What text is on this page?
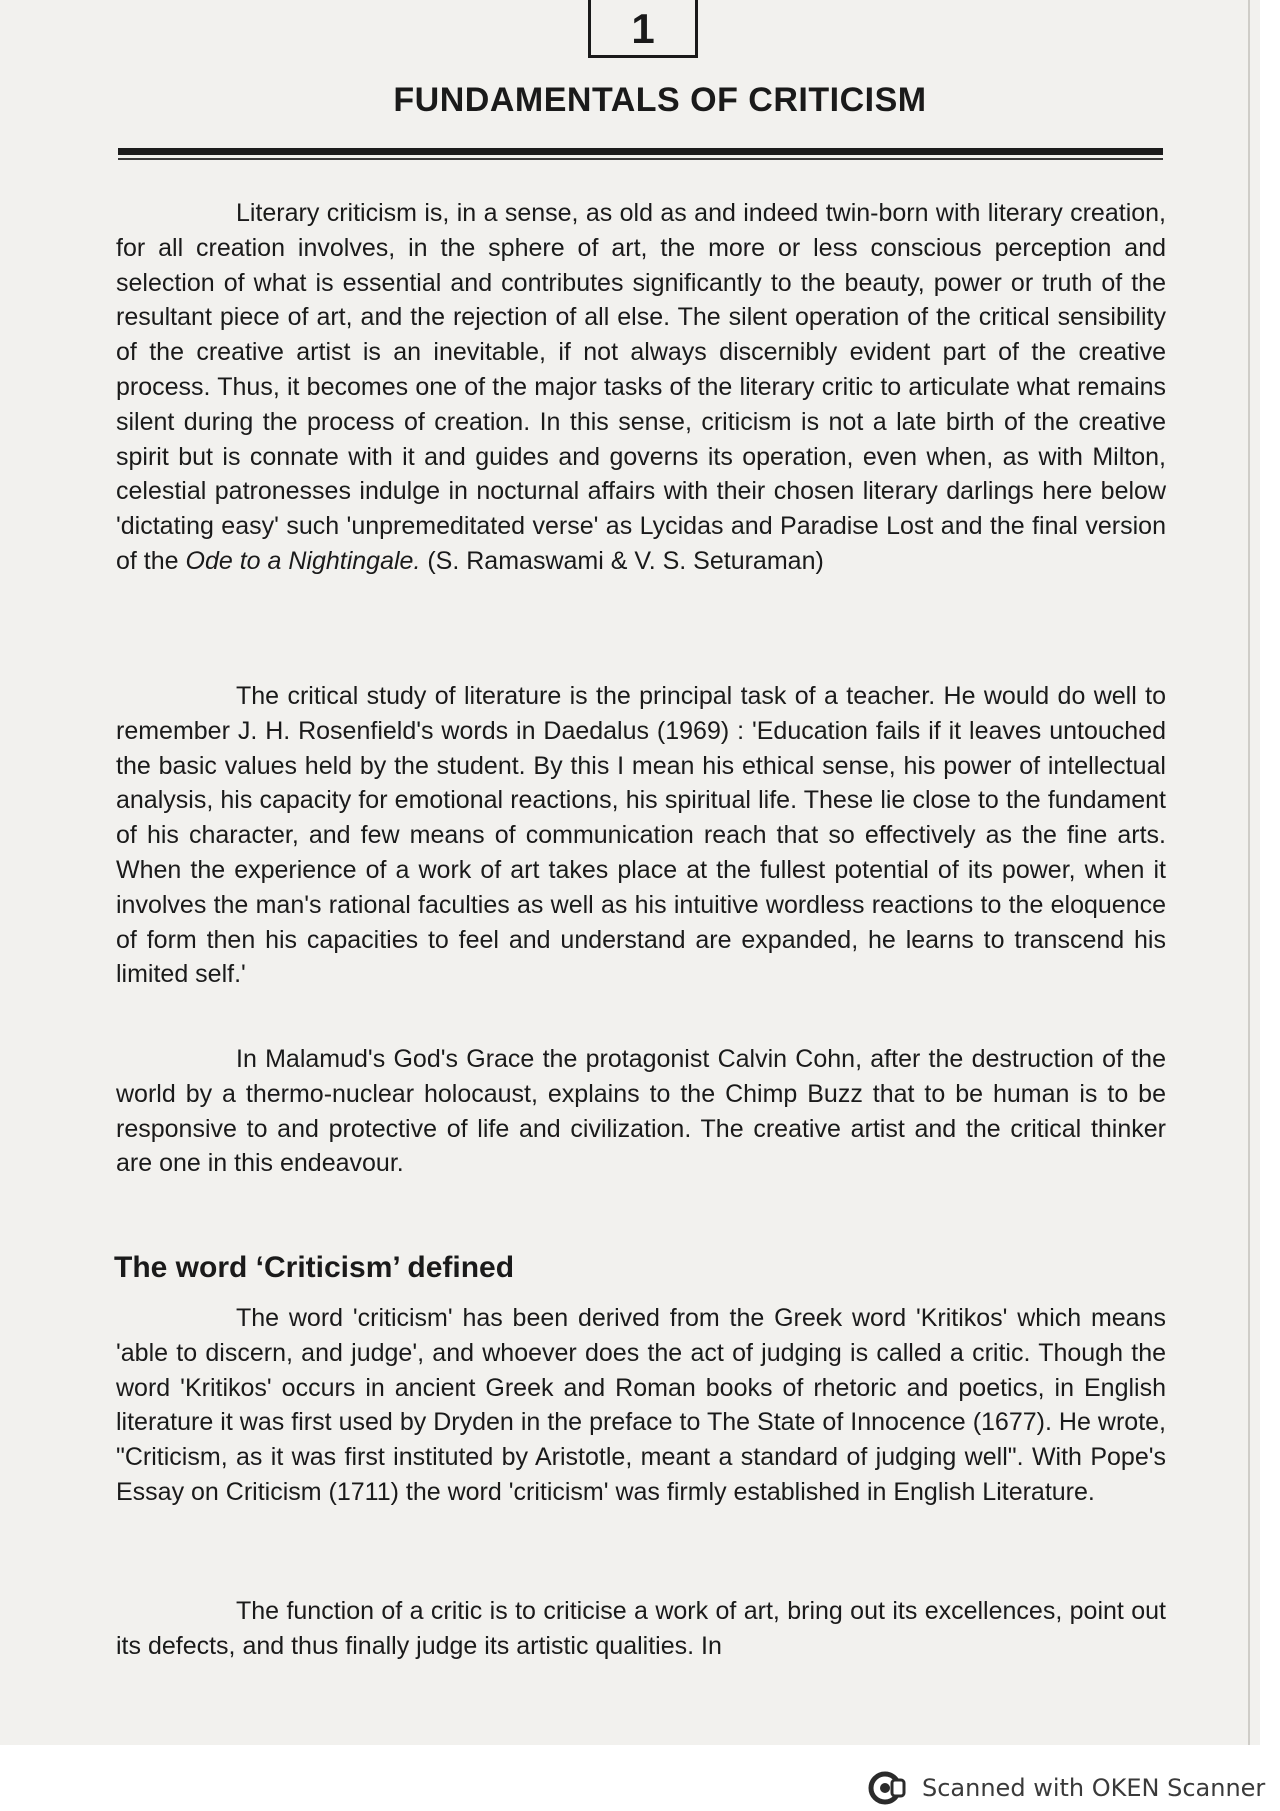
1
FUNDAMENTALS OF CRITICISM

Literary criticism is, in a sense, as old as and indeed twin-born with literary creation, for all creation involves, in the sphere of art, the more or less conscious perception and selection of what is essential and contributes significantly to the beauty, power or truth of the resultant piece of art, and the rejection of all else. The silent operation of the critical sensibility of the creative artist is an inevitable, if not always discernibly evident part of the creative process. Thus, it becomes one of the major tasks of the literary critic to articulate what remains silent during the process of creation. In this sense, criticism is not a late birth of the creative spirit but is connate with it and guides and governs its operation, even when, as with Milton, celestial patronesses indulge in nocturnal affairs with their chosen literary darlings here below 'dictating easy' such 'unpremeditated verse' as Lycidas and Paradise Lost and the final version of the Ode to a Nightingale. (S. Ramaswami & V. S. Seturaman)

The critical study of literature is the principal task of a teacher. He would do well to remember J. H. Rosenfield's words in Daedalus (1969) : 'Education fails if it leaves untouched the basic values held by the student. By this I mean his ethical sense, his power of intellectual analysis, his capacity for emotional reactions, his spiritual life. These lie close to the fundament of his character, and few means of communication reach that so effectively as the fine arts. When the experience of a work of art takes place at the fullest potential of its power, when it involves the man's rational faculties as well as his intuitive wordless reactions to the eloquence of form then his capacities to feel and understand are expanded, he learns to transcend his limited self.'

In Malamud's God's Grace the protagonist Calvin Cohn, after the destruction of the world by a thermo-nuclear holocaust, explains to the Chimp Buzz that to be human is to be responsive to and protective of life and civilization. The creative artist and the critical thinker are one in this endeavour.

The word ‘Criticism’ defined

The word 'criticism' has been derived from the Greek word 'Kritikos' which means 'able to discern, and judge', and whoever does the act of judging is called a critic. Though the word 'Kritikos' occurs in ancient Greek and Roman books of rhetoric and poetics, in English literature it was first used by Dryden in the preface to The State of Innocence (1677). He wrote, "Criticism, as it was first instituted by Aristotle, meant a standard of judging well". With Pope's Essay on Criticism (1711) the word 'criticism' was firmly established in English Literature.

The function of a critic is to criticise a work of art, bring out its excellences, point out its defects, and thus finally judge its artistic qualities. In

Scanned with OKEN Scanner
